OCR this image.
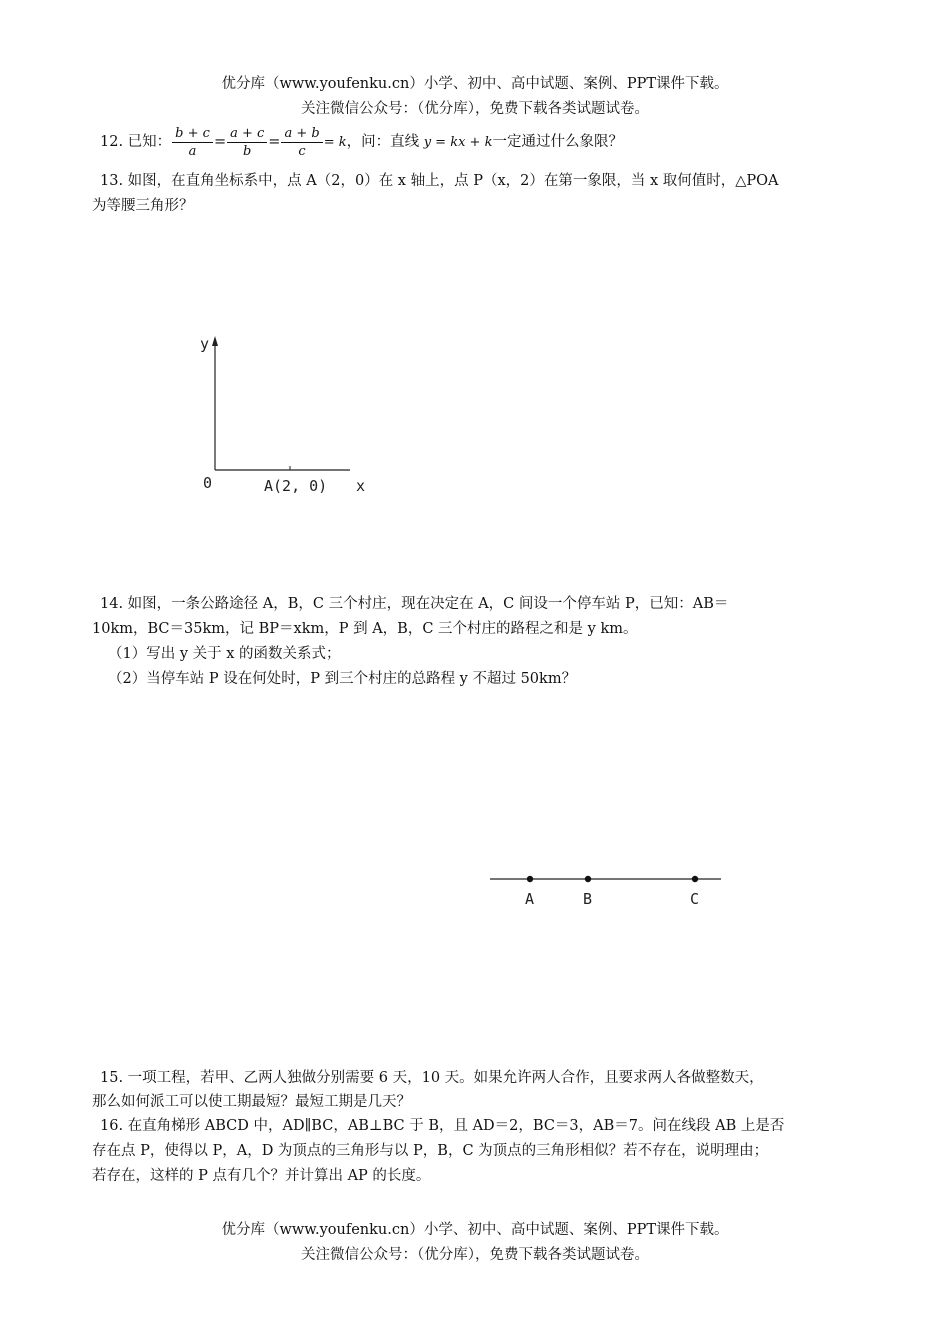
优分库（www.youfenku.cn）小学、初中、高中试题、案例、PPT课件下载。
关注微信公众号：（优分库），免费下载各类试题试卷。
12. 已知： $\frac{b + c}{a} = \frac{a + c}{b} = \frac{a + b}{c} = k$，问：直线 y = kx + k一定通过什么象限？
13. 如图，在直角坐标系中，点 A（2，0）在 x 轴上，点 P（x，2）在第一象限，当 x 取何值时，△POA
为等腰三角形？
y
0	A(2, 0) x
14. 如图，一条公路途径 A，B，C 三个村庄，现在决定在 A，C 间设一个停车站 P，已知：AB＝
10km，BC＝35km，记 BP＝xkm，P 到 A，B，C 三个村庄的路程之和是 y km。
（1）写出 y 关于 x 的函数关系式；
（2）当停车站 P 设在何处时，P 到三个村庄的总路程 y 不超过 50km？
A	B	C
15. 一项工程，若甲、乙两人独做分别需要 6 天，10 天。如果允许两人合作，且要求两人各做整数天，
那么如何派工可以使工期最短？最短工期是几天？
16. 在直角梯形 ABCD 中，AD∥BC，AB⊥BC 于 B，且 AD＝2，BC＝3，AB＝7。问在线段 AB 上是否
存在点 P，使得以 P，A，D 为顶点的三角形与以 P，B，C 为顶点的三角形相似？若不存在，说明理由；
若存在，这样的 P 点有几个？并计算出 AP 的长度。
优分库（www.youfenku.cn）小学、初中、高中试题、案例、PPT课件下载。
关注微信公众号：（优分库），免费下载各类试题试卷。
